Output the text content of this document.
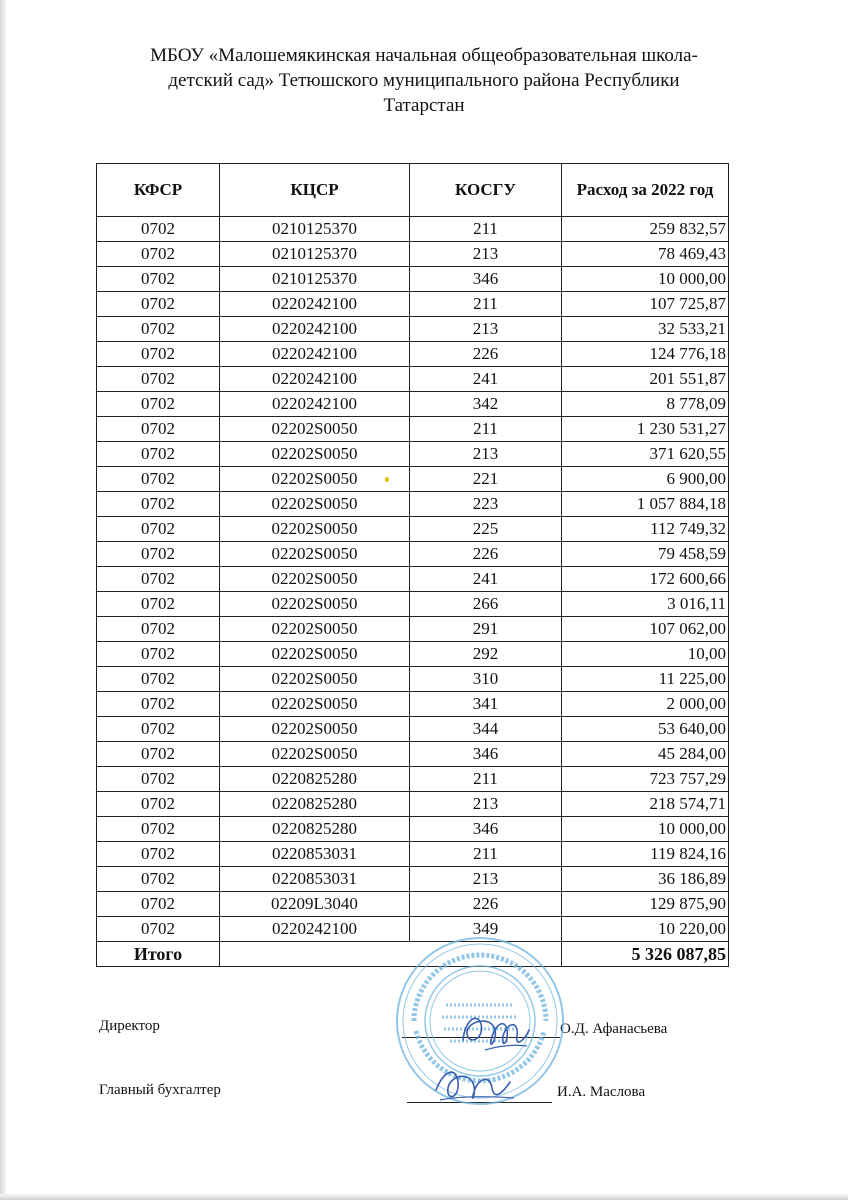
МБОУ «Малошемякинская начальная общеобразовательная школа-
детский сад» Тетюшского муниципального района Республики
Татарстан
КФСР	КЦСР	КОСГУ	Расход за 2022 год
0702	0210125370	211	259 832,57
0702	0210125370	213	78 469,43
0702	0210125370	346	10 000,00
0702	0220242100	211	107 725,87
0702	0220242100	213	32 533,21
0702	0220242100	226	124 776,18
0702	0220242100	241	201 551,87
0702	0220242100	342	8 778,09
0702	02202S0050	211	1 230 531,27
0702	02202S0050	213	371 620,55
0702	02202S0050	221	6 900,00
0702	02202S0050	223	1 057 884,18
0702	02202S0050	225	112 749,32
0702	02202S0050	226	79 458,59
0702	02202S0050	241	172 600,66
0702	02202S0050	266	3 016,11
0702	02202S0050	291	107 062,00
0702	02202S0050	292	10,00
0702	02202S0050	310	11 225,00
0702	02202S0050	341	2 000,00
0702	02202S0050	344	53 640,00
0702	02202S0050	346	45 284,00
0702	0220825280	211	723 757,29
0702	0220825280	213	218 574,71
0702	0220825280	346	10 000,00
0702	0220853031	211	119 824,16
0702	0220853031	213	36 186,89
0702	02209L3040	226	129 875,90
0702	0220242100	349	10 220,00
Итого			5 326 087,85
Директор	О.Д. Афанасьева
Главный бухгалтер	И.А. Маслова
